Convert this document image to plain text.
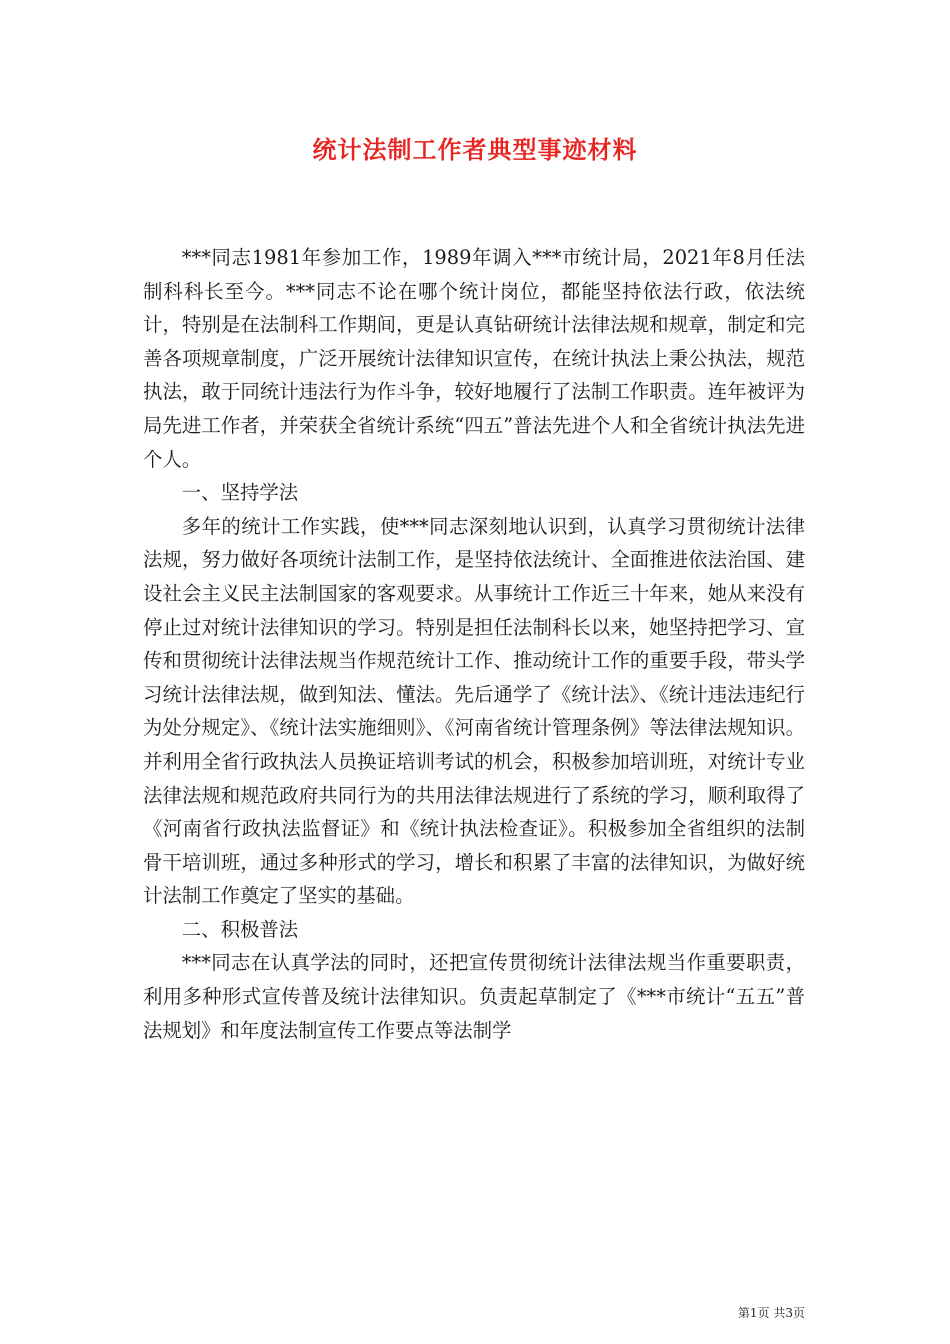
统计法制工作者典型事迹材料

***同志1981年参加工作，1989年调入***市统计局，2021年8月任法制科科长至今。***同志不论在哪个统计岗位，都能坚持依法行政，依法统计，特别是在法制科工作期间，更是认真钻研统计法律法规和规章，制定和完善各项规章制度，广泛开展统计法律知识宣传，在统计执法上秉公执法，规范执法，敢于同统计违法行为作斗争，较好地履行了法制工作职责。连年被评为局先进工作者，并荣获全省统计系统“四五”普法先进个人和全省统计执法先进个人。

一、坚持学法

多年的统计工作实践，使***同志深刻地认识到，认真学习贯彻统计法律法规，努力做好各项统计法制工作，是坚持依法统计、全面推进依法治国、建设社会主义民主法制国家的客观要求。从事统计工作近三十年来，她从来没有停止过对统计法律知识的学习。特别是担任法制科长以来，她坚持把学习、宣传和贯彻统计法律法规当作规范统计工作、推动统计工作的重要手段，带头学习统计法律法规，做到知法、懂法。先后通学了《统计法》、《统计违法违纪行为处分规定》、《统计法实施细则》、《河南省统计管理条例》等法律法规知识。并利用全省行政执法人员换证培训考试的机会，积极参加培训班，对统计专业法律法规和规范政府共同行为的共用法律法规进行了系统的学习，顺利取得了《河南省行政执法监督证》和《统计执法检查证》。积极参加全省组织的法制骨干培训班，通过多种形式的学习，增长和积累了丰富的法律知识，为做好统计法制工作奠定了坚实的基础。

二、积极普法

***同志在认真学法的同时，还把宣传贯彻统计法律法规当作重要职责，利用多种形式宣传普及统计法律知识。负责起草制定了《***市统计“五五”普法规划》和年度法制宣传工作要点等法制学

第1页 共3页
